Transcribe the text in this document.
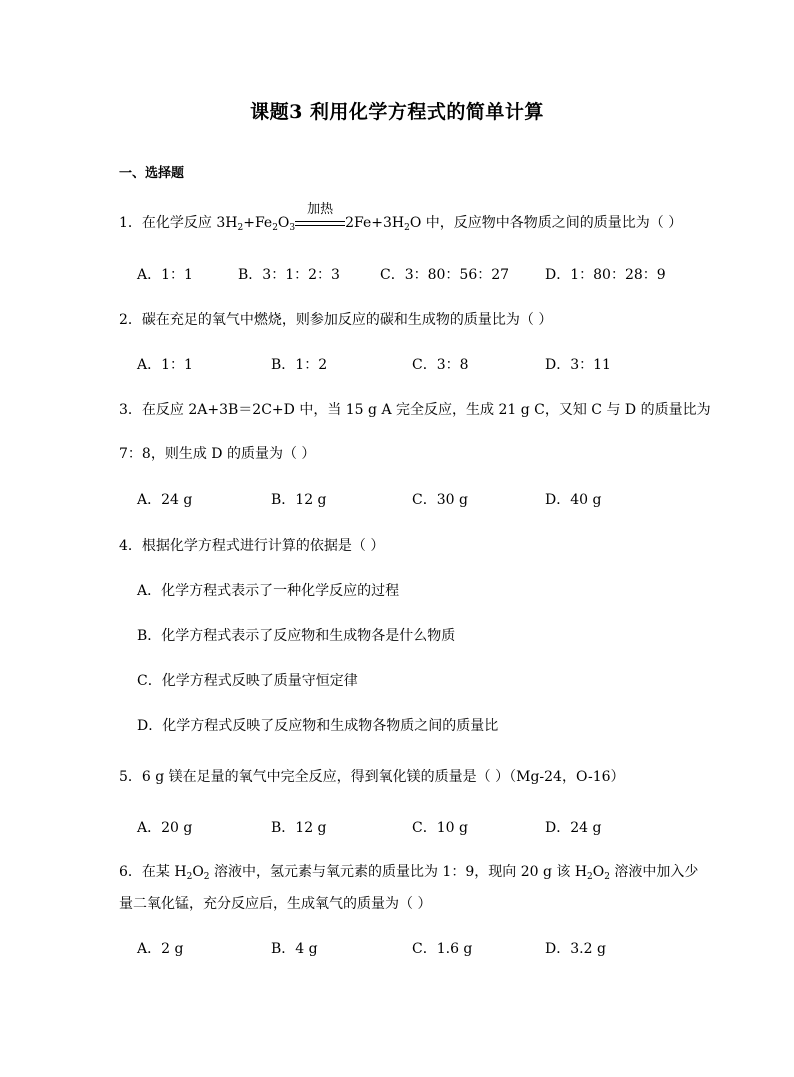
课题3 利用化学方程式的简单计算
一、选择题
1．在化学反应 $3H_2+Fe_2O_3$
加热
$2Fe+3H_2O$ 中，反应物中各物质之间的质量比为（ ）
A．1：1	B．3：1：2：3	C．3：80：56：27	D．1：80：28：9
2．碳在充足的氧气中燃烧，则参加反应的碳和生成物的质量比为（ ）
A．1：1	B．1：2	C．3：8	D．3：11
3．在反应 2A+3B＝2C+D 中，当 15 g A 完全反应，生成 21 g C，又知 C 与 D 的质量比为
7：8，则生成 D 的质量为（ ）
A．24 g	B．12 g	C．30 g	D．40 g
4．根据化学方程式进行计算的依据是（ ）
A．化学方程式表示了一种化学反应的过程
B．化学方程式表示了反应物和生成物各是什么物质
C．化学方程式反映了质量守恒定律
D．化学方程式反映了反应物和生成物各物质之间的质量比
5．6 g 镁在足量的氧气中完全反应，得到氧化镁的质量是（ ）（Mg-24，O-16）
A．20 g	B．12 g	C．10 g	D．24 g
6．在某 $H_2O_2$ 溶液中，氢元素与氧元素的质量比为 1：9，现向 20 g 该 $H_2O_2$ 溶液中加入少
量二氧化锰，充分反应后，生成氧气的质量为（ ）
A．2 g	B．4 g	C．1.6 g	D．3.2 g
